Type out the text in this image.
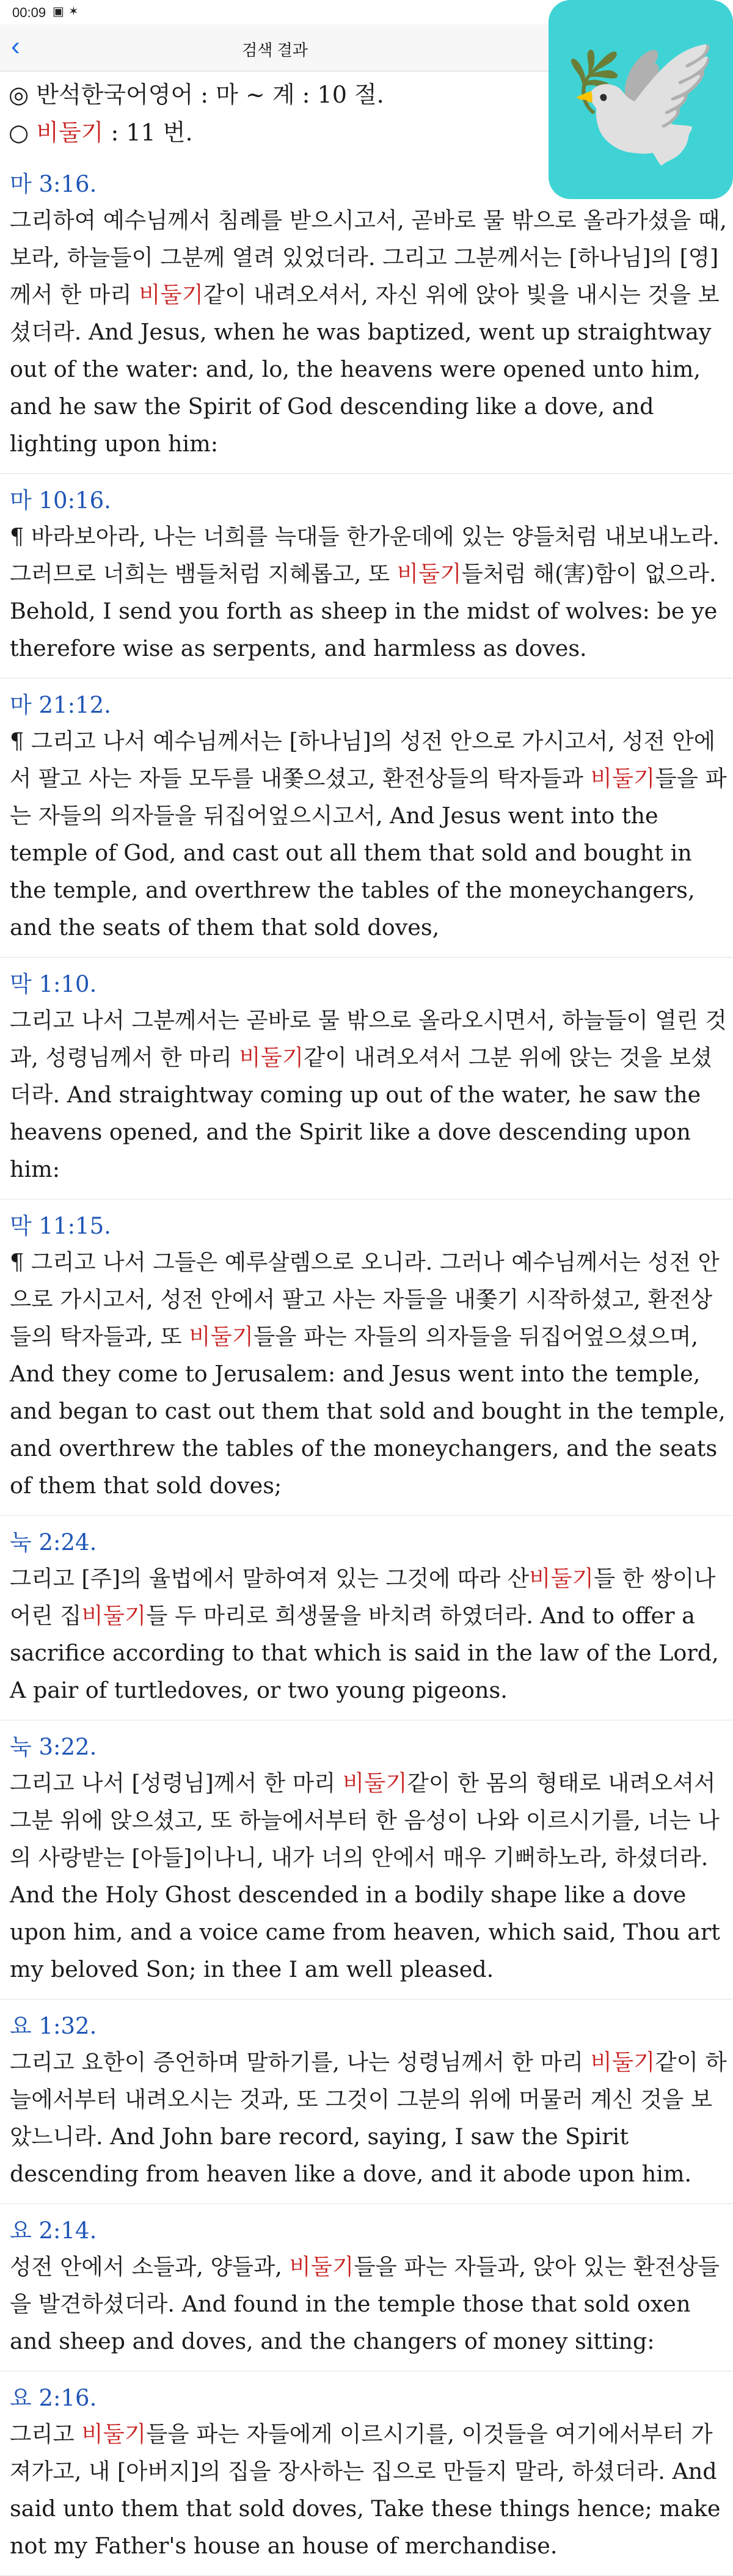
00:09 ▣ ✶
‹	검색 결과	🕊️
◎ 반석한국어영어 : 마 ~ 계 : 10 절.
○ 비둘기 : 11 번.
마 3:16.
그리하여 예수님께서 침례를 받으시고서, 곧바로 물 밖으로 올라가셨을 때, 보라, 하늘들이 그분께 열려 있었더라. 그리고 그분께서는 [하나님]의 [영]께서 한 마리 비둘기같이 내려오셔서, 자신 위에 앉아 빛을 내시는 것을 보셨더라. And Jesus, when he was baptized, went up straightway out of the water: and, lo, the heavens were opened unto him, and he saw the Spirit of God descending like a dove, and lighting upon him:
마 10:16.
¶ 바라보아라, 나는 너희를 늑대들 한가운데에 있는 양들처럼 내보내노라. 그러므로 너희는 뱀들처럼 지혜롭고, 또 비둘기들처럼 해(害)함이 없으라. Behold, I send you forth as sheep in the midst of wolves: be ye therefore wise as serpents, and harmless as doves.
마 21:12.
¶ 그리고 나서 예수님께서는 [하나님]의 성전 안으로 가시고서, 성전 안에서 팔고 사는 자들 모두를 내쫓으셨고, 환전상들의 탁자들과 비둘기들을 파는 자들의 의자들을 뒤집어엎으시고서, And Jesus went into the temple of God, and cast out all them that sold and bought in the temple, and overthrew the tables of the moneychangers, and the seats of them that sold doves,
막 1:10.
그리고 나서 그분께서는 곧바로 물 밖으로 올라오시면서, 하늘들이 열린 것과, 성령님께서 한 마리 비둘기같이 내려오셔서 그분 위에 앉는 것을 보셨더라. And straightway coming up out of the water, he saw the heavens opened, and the Spirit like a dove descending upon him:
막 11:15.
¶ 그리고 나서 그들은 예루살렘으로 오니라. 그러나 예수님께서는 성전 안으로 가시고서, 성전 안에서 팔고 사는 자들을 내쫓기 시작하셨고, 환전상들의 탁자들과, 또 비둘기들을 파는 자들의 의자들을 뒤집어엎으셨으며, And they come to Jerusalem: and Jesus went into the temple, and began to cast out them that sold and bought in the temple, and overthrew the tables of the moneychangers, and the seats of them that sold doves;
눅 2:24.
그리고 [주]의 율법에서 말하여져 있는 그것에 따라 산비둘기들 한 쌍이나 어린 집비둘기들 두 마리로 희생물을 바치려 하였더라. And to offer a sacrifice according to that which is said in the law of the Lord, A pair of turtledoves, or two young pigeons.
눅 3:22.
그리고 나서 [성령님]께서 한 마리 비둘기같이 한 몸의 형태로 내려오셔서 그분 위에 앉으셨고, 또 하늘에서부터 한 음성이 나와 이르시기를, 너는 나의 사랑받는 [아들]이나니, 내가 너의 안에서 매우 기뻐하노라, 하셨더라. And the Holy Ghost descended in a bodily shape like a dove upon him, and a voice came from heaven, which said, Thou art my beloved Son; in thee I am well pleased.
요 1:32.
그리고 요한이 증언하며 말하기를, 나는 성령님께서 한 마리 비둘기같이 하늘에서부터 내려오시는 것과, 또 그것이 그분의 위에 머물러 계신 것을 보았느니라. And John bare record, saying, I saw the Spirit descending from heaven like a dove, and it abode upon him.
요 2:14.
성전 안에서 소들과, 양들과, 비둘기들을 파는 자들과, 앉아 있는 환전상들을 발견하셨더라. And found in the temple those that sold oxen and sheep and doves, and the changers of money sitting:
요 2:16.
그리고 비둘기들을 파는 자들에게 이르시기를, 이것들을 여기에서부터 가져가고, 내 [아버지]의 집을 장사하는 집으로 만들지 말라, 하셨더라. And said unto them that sold doves, Take these things hence; make not my Father's house an house of merchandise.
